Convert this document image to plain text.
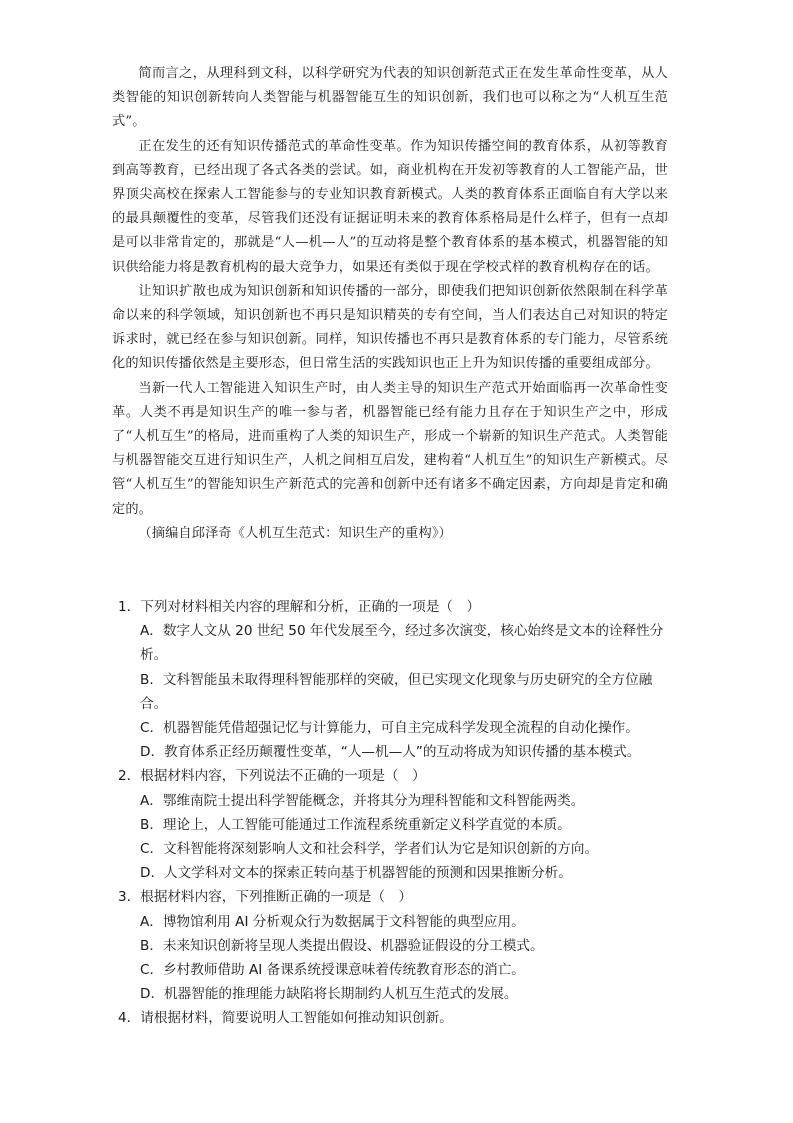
简而言之，从理科到文科，以科学研究为代表的知识创新范式正在发生革命性变革，从人类智能的知识创新转向人类智能与机器智能互生的知识创新，我们也可以称之为“人机互生范式”。

正在发生的还有知识传播范式的革命性变革。作为知识传播空间的教育体系，从初等教育到高等教育，已经出现了各式各类的尝试。如，商业机构在开发初等教育的人工智能产品，世界顶尖高校在探索人工智能参与的专业知识教育新模式。人类的教育体系正面临自有大学以来的最具颠覆性的变革，尽管我们还没有证据证明未来的教育体系格局是什么样子，但有一点却是可以非常肯定的，那就是“人—机—人”的互动将是整个教育体系的基本模式，机器智能的知识供给能力将是教育机构的最大竞争力，如果还有类似于现在学校式样的教育机构存在的话。

让知识扩散也成为知识创新和知识传播的一部分，即使我们把知识创新依然限制在科学革命以来的科学领域，知识创新也不再只是知识精英的专有空间，当人们表达自己对知识的特定诉求时，就已经在参与知识创新。同样，知识传播也不再只是教育体系的专门能力，尽管系统化的知识传播依然是主要形态，但日常生活的实践知识也正上升为知识传播的重要组成部分。

当新一代人工智能进入知识生产时，由人类主导的知识生产范式开始面临再一次革命性变革。人类不再是知识生产的唯一参与者，机器智能已经有能力且存在于知识生产之中，形成了“人机互生”的格局，进而重构了人类的知识生产，形成一个崭新的知识生产范式。人类智能与机器智能交互进行知识生产，人机之间相互启发，建构着“人机互生”的知识生产新模式。尽管“人机互生”的智能知识生产新范式的完善和创新中还有诸多不确定因素，方向却是肯定和确定的。

（摘编自邱泽奇《人机互生范式：知识生产的重构》）

1．下列对材料相关内容的理解和分析，正确的一项是（　）
A．数字人文从 20 世纪 50 年代发展至今，经过多次演变，核心始终是文本的诠释性分析。
B．文科智能虽未取得理科智能那样的突破，但已实现文化现象与历史研究的全方位融合。
C．机器智能凭借超强记忆与计算能力，可自主完成科学发现全流程的自动化操作。
D．教育体系正经历颠覆性变革，“人—机—人”的互动将成为知识传播的基本模式。
2．根据材料内容，下列说法不正确的一项是（　）
A．鄂维南院士提出科学智能概念，并将其分为理科智能和文科智能两类。
B．理论上，人工智能可能通过工作流程系统重新定义科学直觉的本质。
C．文科智能将深刻影响人文和社会科学，学者们认为它是知识创新的方向。
D．人文学科对文本的探索正转向基于机器智能的预测和因果推断分析。
3．根据材料内容，下列推断正确的一项是（　）
A．博物馆利用 AI 分析观众行为数据属于文科智能的典型应用。
B．未来知识创新将呈现人类提出假设、机器验证假设的分工模式。
C．乡村教师借助 AI 备课系统授课意味着传统教育形态的消亡。
D．机器智能的推理能力缺陷将长期制约人机互生范式的发展。
4．请根据材料，简要说明人工智能如何推动知识创新。
